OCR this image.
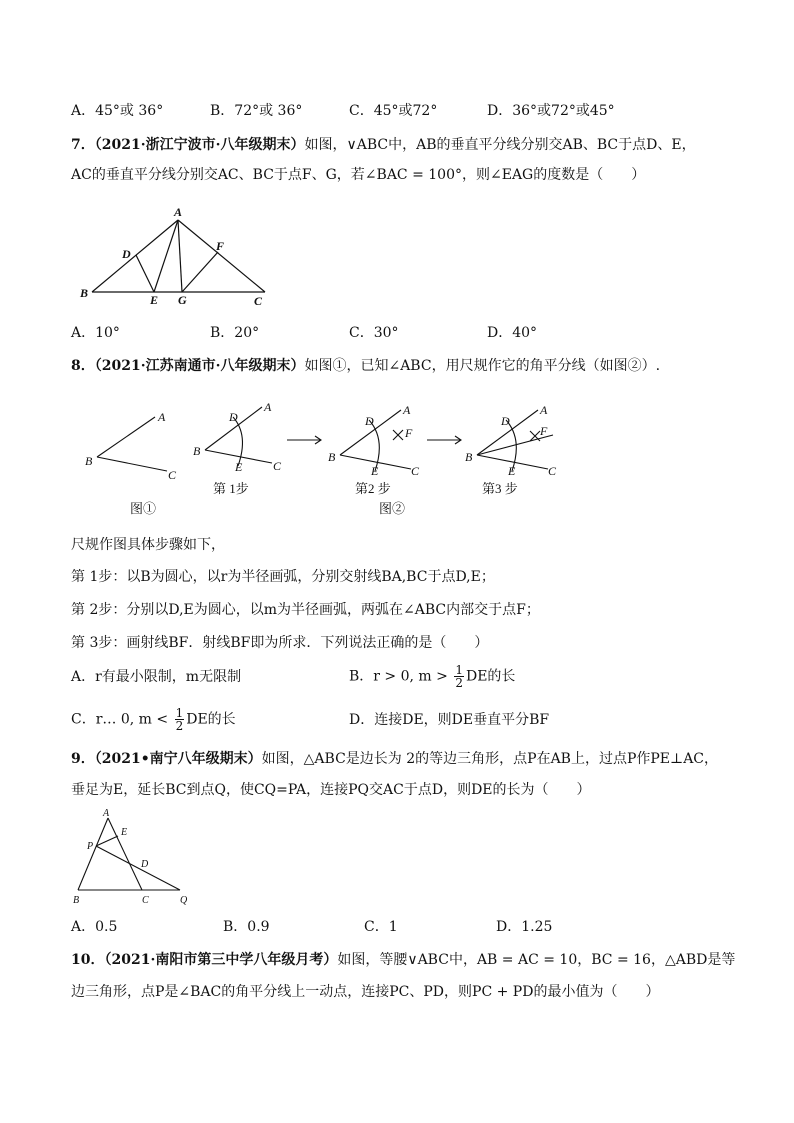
A．45°或 36°	B．72°或 36°	C．45°或72°	D．36°或72°或45°
7．（2021·浙江宁波市·八年级期末）如图，∨ABC中，AB的垂直平分线分别交AB、BC于点D、E，
AC的垂直平分线分别交AC、BC于点F、G，若∠BAC = 100°，则∠EAG的度数是（　　）
A
D
F
B	E G	C
A．10°	B．20°	C．30°	D．40°
8．（2021·江苏南通市·八年级期末）如图①，已知∠ABC，用尺规作它的角平分线（如图②）.
A
B
C
D
A
B
E	C
D
A
F
B
E	C
D
A
F
B
E	C
图①
第 1步	第2 步
图②
第3 步
尺规作图具体步骤如下，
第 1步：以B为圆心，以r为半径画弧，分别交射线BA,BC于点D,E；
第 2步：分别以D,E为圆心，以m为半径画弧，两弧在∠ABC内部交于点F；
第 3步：画射线BF．射线BF即为所求．下列说法正确的是（　　）
A．r有最小限制，m无限制	B．r > 0, $m > \frac{1}{2}$ DE的长
C．r… 0, $m < \frac{1}{2}$ DE的长	D．连接DE，则DE垂直平分BF
9．（2021•南宁八年级期末）如图，△ABC是边长为 2的等边三角形，点P在AB上，过点P作PE⊥AC，
垂足为E，延长BC到点Q，使CQ=PA，连接PQ交AC于点D，则DE的长为（　　）
A
E
P
D
B	C	Q
A．0.5	B．0.9	C．1	D．1.25
10．（2021·南阳市第三中学八年级月考）如图，等腰∨ABC中，AB = AC = 10，BC = 16，△ABD是等
边三角形，点P是∠BAC的角平分线上一动点，连接PC、PD，则PC + PD的最小值为（　　）
